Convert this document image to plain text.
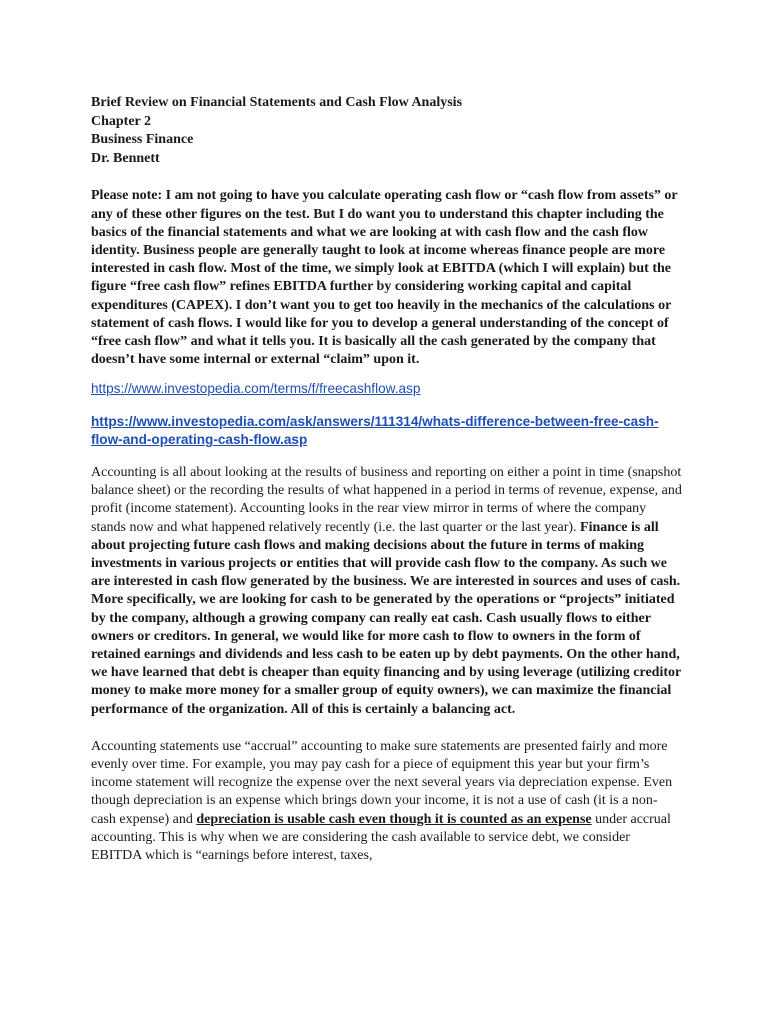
Brief Review on Financial Statements and Cash Flow Analysis
Chapter 2
Business Finance
Dr. Bennett

Please note: I am not going to have you calculate operating cash flow or “cash flow from assets” or any of these other figures on the test. But I do want you to understand this chapter including the basics of the financial statements and what we are looking at with cash flow and the cash flow identity. Business people are generally taught to look at income whereas finance people are more interested in cash flow. Most of the time, we simply look at EBITDA (which I will explain) but the figure “free cash flow” refines EBITDA further by considering working capital and capital expenditures (CAPEX). I don’t want you to get too heavily in the mechanics of the calculations or statement of cash flows. I would like for you to develop a general understanding of the concept of “free cash flow” and what it tells you. It is basically all the cash generated by the company that doesn’t have some internal or external “claim” upon it.

https://www.investopedia.com/terms/f/freecashflow.asp
https://www.investopedia.com/ask/answers/111314/whats-difference-between-free-cash-flow-and-operating-cash-flow.asp

Accounting is all about looking at the results of business and reporting on either a point in time (snapshot balance sheet) or the recording the results of what happened in a period in terms of revenue, expense, and profit (income statement). Accounting looks in the rear view mirror in terms of where the company stands now and what happened relatively recently (i.e. the last quarter or the last year). Finance is all about projecting future cash flows and making decisions about the future in terms of making investments in various projects or entities that will provide cash flow to the company. As such we are interested in cash flow generated by the business. We are interested in sources and uses of cash. More specifically, we are looking for cash to be generated by the operations or “projects” initiated by the company, although a growing company can really eat cash. Cash usually flows to either owners or creditors. In general, we would like for more cash to flow to owners in the form of retained earnings and dividends and less cash to be eaten up by debt payments. On the other hand, we have learned that debt is cheaper than equity financing and by using leverage (utilizing creditor money to make more money for a smaller group of equity owners), we can maximize the financial performance of the organization. All of this is certainly a balancing act.

Accounting statements use “accrual” accounting to make sure statements are presented fairly and more evenly over time. For example, you may pay cash for a piece of equipment this year but your firm’s income statement will recognize the expense over the next several years via depreciation expense. Even though depreciation is an expense which brings down your income, it is not a use of cash (it is a non-cash expense) and depreciation is usable cash even though it is counted as an expense under accrual accounting. This is why when we are considering the cash available to service debt, we consider EBITDA which is “earnings before interest, taxes,
